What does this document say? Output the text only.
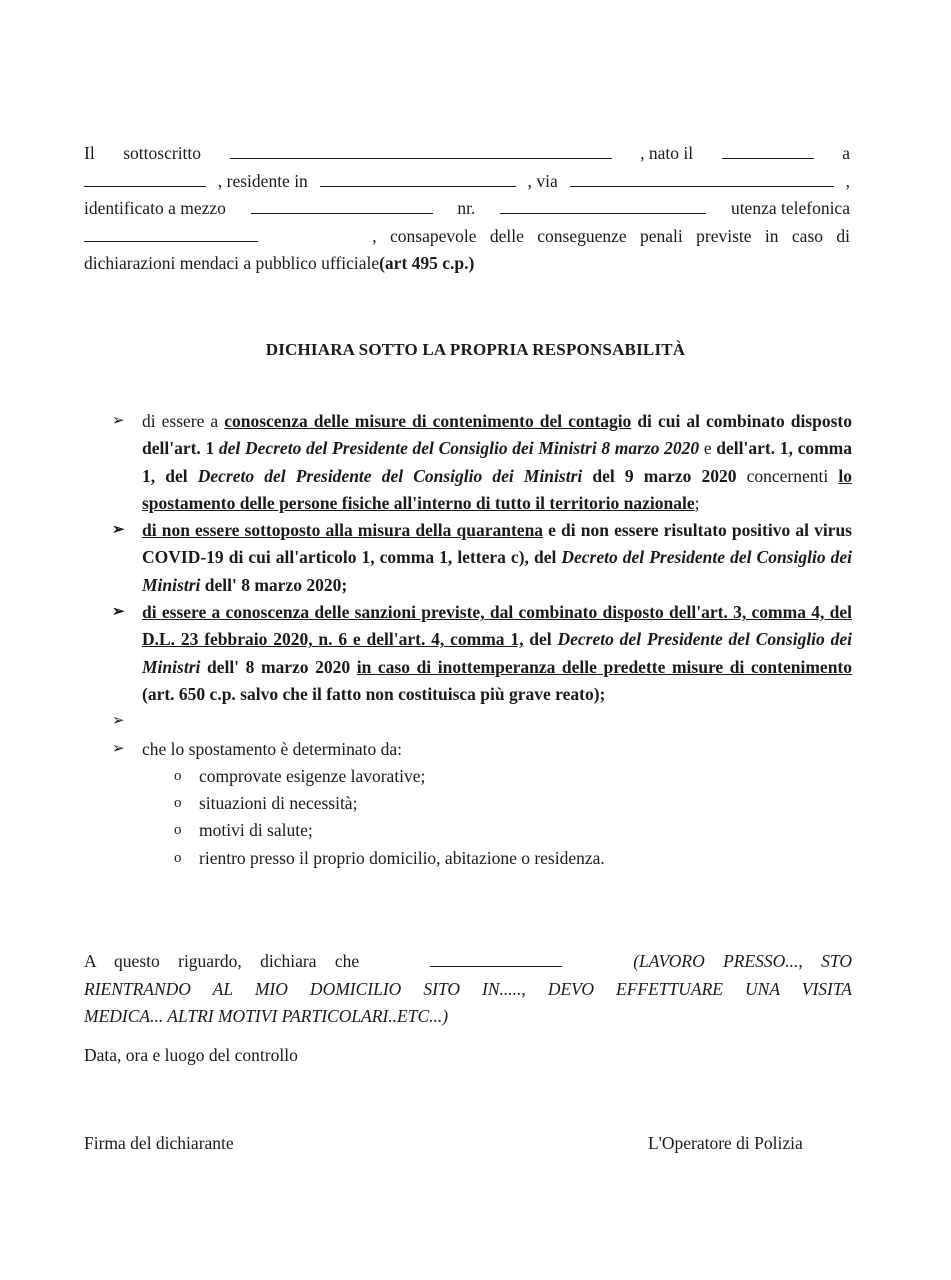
Il sottoscritto	, nato il	a
, residente in	, via	,
identificato a mezzo	nr.	utenza telefonica
, consapevole delle conseguenze penali previste in caso di
dichiarazioni mendaci a pubblico ufficiale (art 495 c.p.)
DICHIARA SOTTO LA PROPRIA RESPONSABILITÀ
➢ di essere a conoscenza delle misure di contenimento del contagio di cui al combinato disposto dell'art. 1 del Decreto del Presidente del Consiglio dei Ministri 8 marzo 2020 e dell'art. 1, comma 1, del Decreto del Presidente del Consiglio dei Ministri del 9 marzo 2020 concernenti lo spostamento delle persone fisiche all'interno di tutto il territorio nazionale;
➢ di non essere sottoposto alla misura della quarantena e di non essere risultato positivo al virus COVID-19 di cui all'articolo 1, comma 1, lettera c), del Decreto del Presidente del Consiglio dei Ministri dell' 8 marzo 2020;
➢ di essere a conoscenza delle sanzioni previste, dal combinato disposto dell'art. 3, comma 4, del D.L. 23 febbraio 2020, n. 6 e dell'art. 4, comma 1, del Decreto del Presidente del Consiglio dei Ministri dell' 8 marzo 2020 in caso di inottemperanza delle predette misure di contenimento (art. 650 c.p. salvo che il fatto non costituisca più grave reato);
➢

➢ che lo spostamento è determinato da:
o comprovate esigenze lavorative;
o situazioni di necessità;
o motivi di salute;
o rientro presso il proprio domicilio, abitazione o residenza.
A questo riguardo, dichiara che	(LAVORO PRESSO..., STO
RIENTRANDO AL MIO DOMICILIO SITO IN....., DEVO EFFETTUARE UNA VISITA
MEDICA... ALTRI MOTIVI PARTICOLARI..ETC...)
Data, ora e luogo del controllo
Firma del dichiarante	L'Operatore di Polizia
